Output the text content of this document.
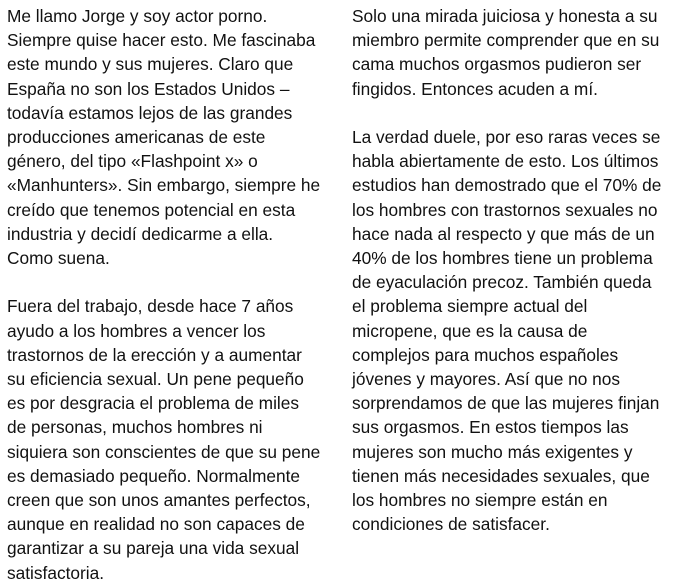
Me llamo Jorge y soy actor porno.
Siempre quise hacer esto. Me fascinaba
este mundo y sus mujeres. Claro que
España no son los Estados Unidos –
todavía estamos lejos de las grandes
producciones americanas de este
género, del tipo «Flashpoint x» o
«Manhunters». Sin embargo, siempre he
creído que tenemos potencial en esta
industria y decidí dedicarme a ella.
Como suena.

Fuera del trabajo, desde hace 7 años
ayudo a los hombres a vencer los
trastornos de la erección y a aumentar
su eficiencia sexual. Un pene pequeño
es por desgracia el problema de miles
de personas, muchos hombres ni
siquiera son conscientes de que su pene
es demasiado pequeño. Normalmente
creen que son unos amantes perfectos,
aunque en realidad no son capaces de
garantizar a su pareja una vida sexual
satisfactoria.

Solo una mirada juiciosa y honesta a su
miembro permite comprender que en su
cama muchos orgasmos pudieron ser
fingidos. Entonces acuden a mí.

La verdad duele, por eso raras veces se
habla abiertamente de esto. Los últimos
estudios han demostrado que el 70% de
los hombres con trastornos sexuales no
hace nada al respecto y que más de un
40% de los hombres tiene un problema
de eyaculación precoz. También queda
el problema siempre actual del
micropene, que es la causa de
complejos para muchos españoles
jóvenes y mayores. Así que no nos
sorprendamos de que las mujeres finjan
sus orgasmos. En estos tiempos las
mujeres son mucho más exigentes y
tienen más necesidades sexuales, que
los hombres no siempre están en
condiciones de satisfacer.
